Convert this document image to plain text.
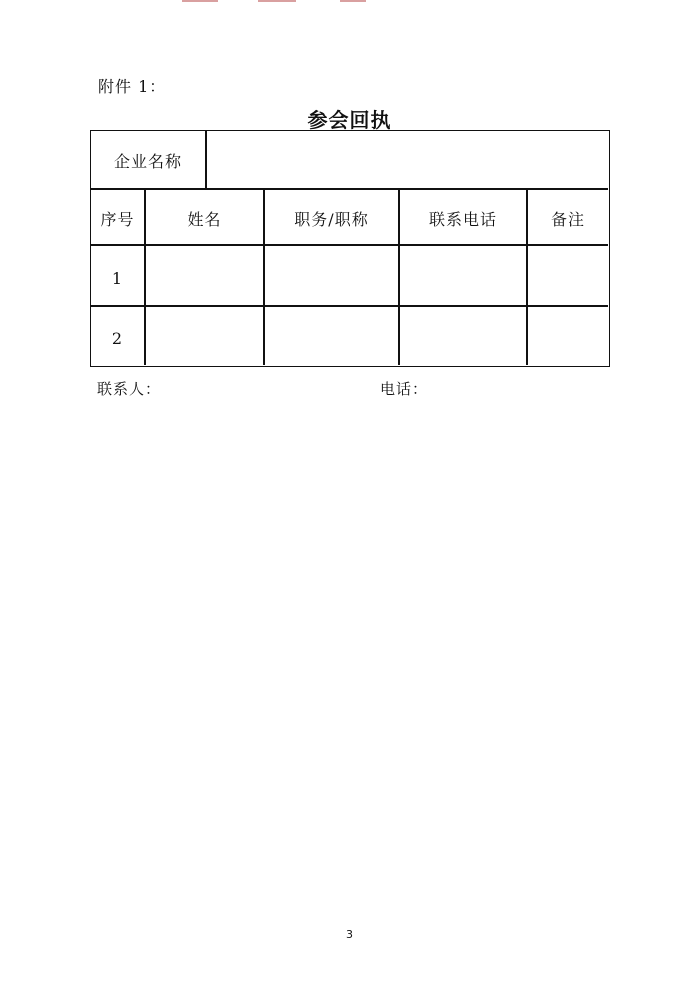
附件 1：
参会回执
企业名称
序号	姓名	职务/职称	联系电话	备注
1
2
联系人：	电话：
3
